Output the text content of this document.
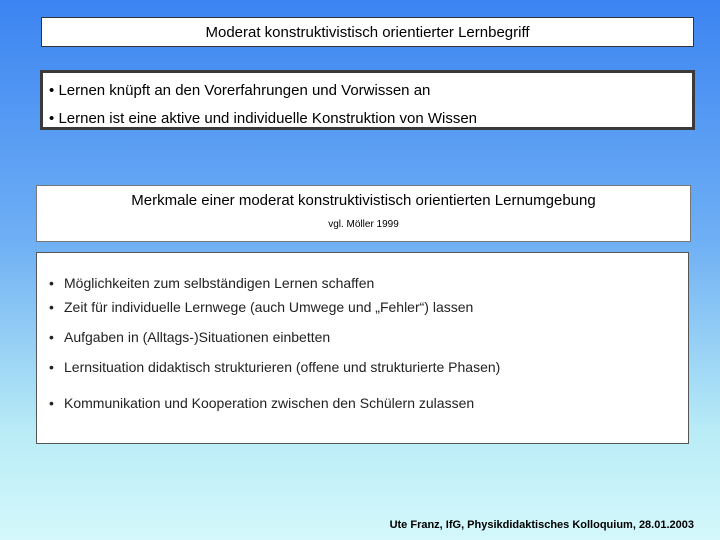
Moderat konstruktivistisch orientierter Lernbegriff
• Lernen knüpft an den Vorerfahrungen und Vorwissen an
• Lernen ist eine aktive und individuelle Konstruktion von Wissen
Merkmale einer moderat konstruktivistisch orientierten Lernumgebung
vgl. Möller 1999
• Möglichkeiten zum selbständigen Lernen schaffen
• Zeit für individuelle Lernwege (auch Umwege und „Fehler“) lassen
• Aufgaben in (Alltags-)Situationen einbetten
• Lernsituation didaktisch strukturieren (offene und strukturierte Phasen)
• Kommunikation und Kooperation zwischen den Schülern zulassen
Ute Franz, IfG, Physikdidaktisches Kolloquium, 28.01.2003
